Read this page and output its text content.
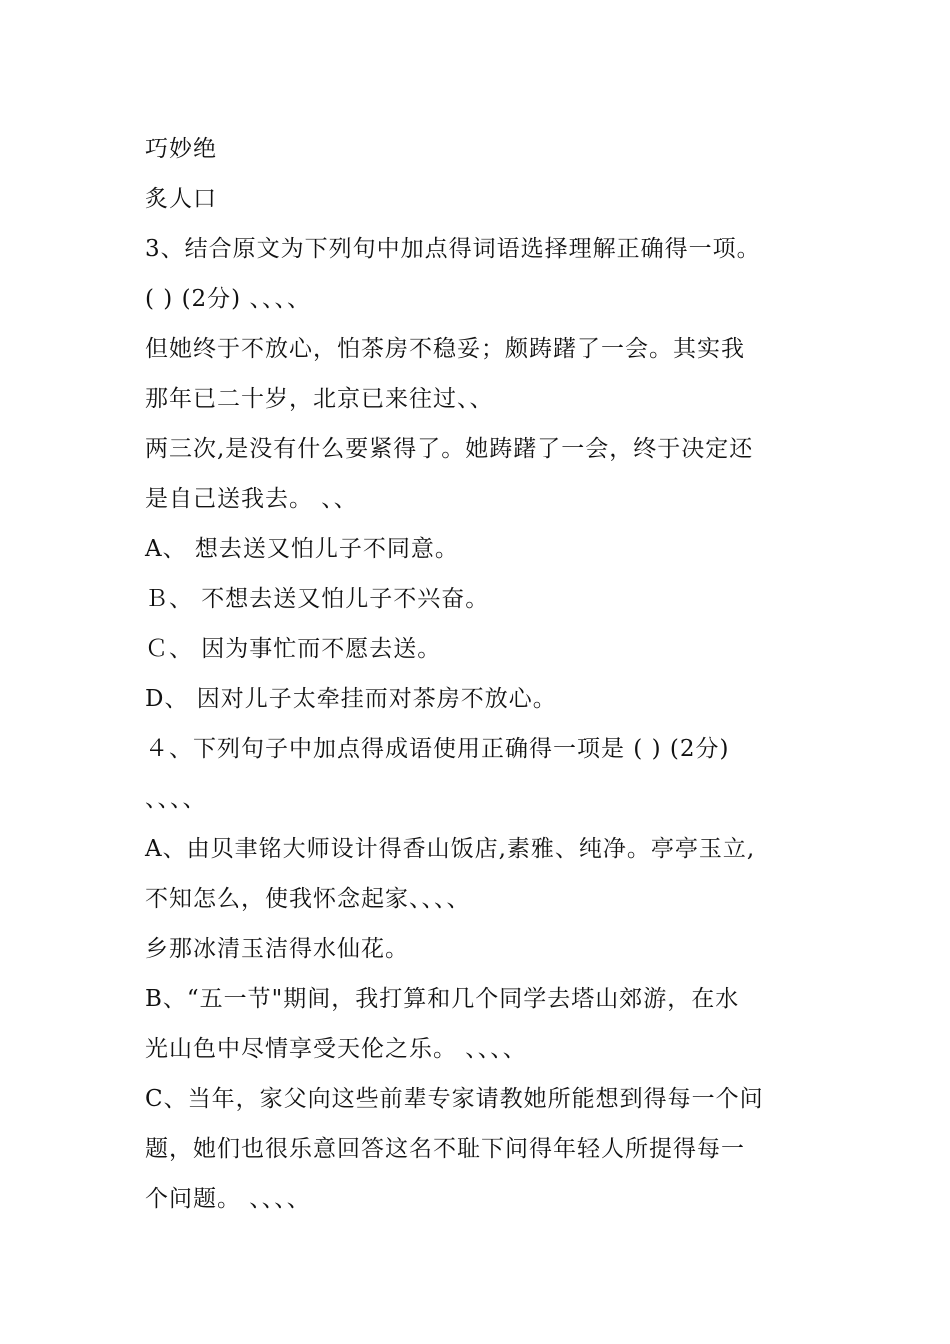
巧妙绝
炙人口
3、结合原文为下列句中加点得词语选择理解正确得一项。
( ) (2分) 、、、、
但她终于不放心，怕茶房不稳妥；颇踌躇了一会。其实我
那年已二十岁，北京已来往过、、
两三次,是没有什么要紧得了。她踌躇了一会，终于决定还
是自己送我去。 、、
A、 想去送又怕儿子不同意。
Ｂ、 不想去送又怕儿子不兴奋。
Ｃ、 因为事忙而不愿去送。
D、 因对儿子太牵挂而对茶房不放心。
４、下列句子中加点得成语使用正确得一项是 ( ) (2分)
、、、、
A、由贝聿铭大师设计得香山饭店,素雅、纯净。亭亭玉立,
不知怎么，使我怀念起家、、、、
乡那冰清玉洁得水仙花。
B、“五一节"期间，我打算和几个同学去塔山郊游，在水
光山色中尽情享受天伦之乐。 、、、、
C、当年，家父向这些前辈专家请教她所能想到得每一个问
题，她们也很乐意回答这名不耻下问得年轻人所提得每一
个问题。 、、、、
